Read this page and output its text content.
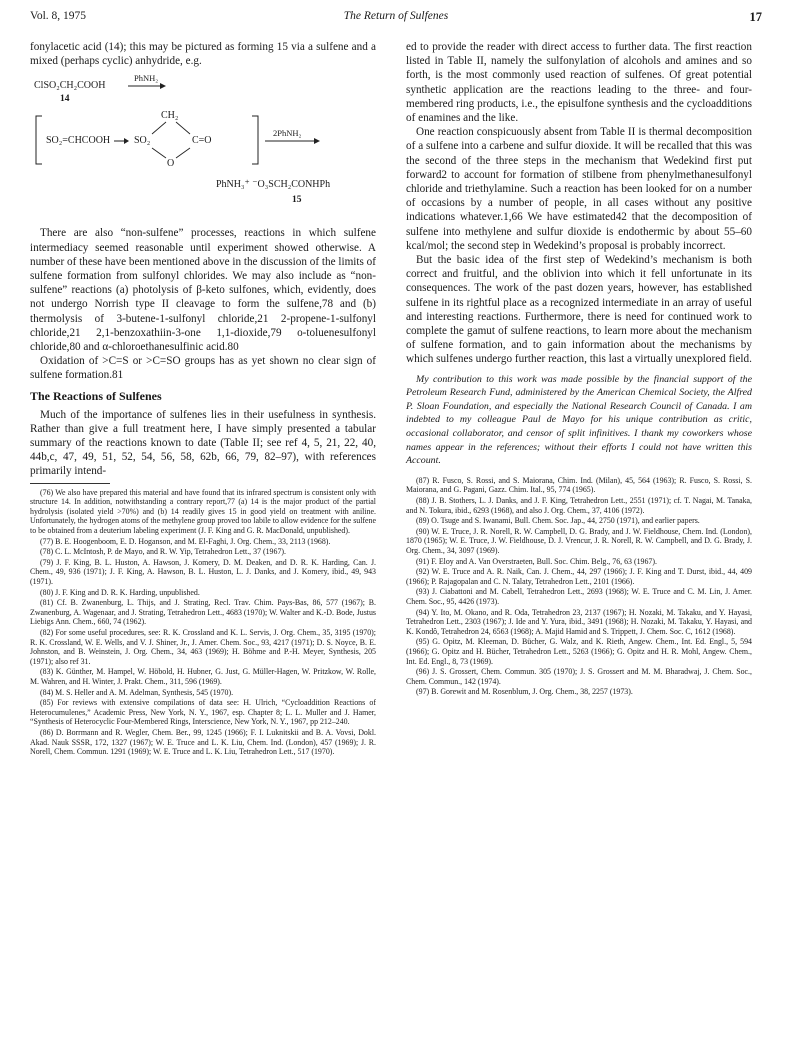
Vol. 8, 1975	The Return of Sulfenes	17

fonylacetic acid (14); this may be pictured as forming 15 via a sulfene and a mixed (perhaps cyclic) anhydride, e.g.

ClSO₂CH₂COOH
PhNH₂
14
SO₂=CHCOOH
CH₂
SO₂	C=O
O
2PhNH₂
PhNH₃⁺ ⁻O₃SCH₂CONHPh
15

There are also “non-sulfene” processes, reactions in which sulfene intermediacy seemed reasonable until experiment showed otherwise. A number of these have been mentioned above in the discussion of the limits of sulfene formation from sulfonyl chlorides. We may also include as “non-sulfene” reactions (a) photolysis of β-keto sulfones, which, evidently, does not undergo Norrish type II cleavage to form the sulfene,78 and (b) thermolysis of 3-butene-1-sulfonyl chloride,21 2-propene-1-sulfonyl chloride,21 2,1-benzoxathiin-3-one 1,1-dioxide,79 o-toluenesulfonyl chloride,80 and α-chloroethanesulfinic acid.80

Oxidation of >C=S or >C=SO groups has as yet shown no clear sign of sulfene formation.81

The Reactions of Sulfenes

Much of the importance of sulfenes lies in their usefulness in synthesis. Rather than give a full treatment here, I have simply presented a tabular summary of the reactions known to date (Table II; see ref 4, 5, 21, 22, 40, 44b,c, 47, 49, 51, 52, 54, 56, 58, 62b, 66, 79, 82–97), with references primarily intend-

(76) We also have prepared this material and have found that its infrared spectrum is consistent only with structure 14. In addition, notwithstanding a contrary report,77 (a) 14 is the major product of the partial hydrolysis (isolated yield >70%) and (b) 14 readily gives 15 in good yield on treatment with aniline. Unfortunately, the hydrogen atoms of the methylene group proved too labile to allow evidence for the sulfene to be obtained from a deuterium labeling experiment (J. F. King and G. R. MacDonald, unpublished).

(77) B. E. Hoogenboom, E. D. Hoganson, and M. El-Faghi, J. Org. Chem., 33, 2113 (1968).

(78) C. L. McIntosh, P. de Mayo, and R. W. Yip, Tetrahedron Lett., 37 (1967).

(79) J. F. King, B. L. Huston, A. Hawson, J. Komery, D. M. Deaken, and D. R. K. Harding, Can. J. Chem., 49, 936 (1971); J. F. King, A. Hawson, B. L. Huston, L. J. Danks, and J. Komery, ibid., 49, 943 (1971).

(80) J. F. King and D. R. K. Harding, unpublished.

(81) Cf. B. Zwanenburg, L. Thijs, and J. Strating, Recl. Trav. Chim. Pays-Bas, 86, 577 (1967); B. Zwanenburg, A. Wagenaar, and J. Strating, Tetrahedron Lett., 4683 (1970); W. Walter and K.-D. Bode, Justus Liebigs Ann. Chem., 660, 74 (1962).

(82) For some useful procedures, see: R. K. Crossland and K. L. Servis, J. Org. Chem., 35, 3195 (1970); R. K. Crossland, W. E. Wells, and V. J. Shiner, Jr., J. Amer. Chem. Soc., 93, 4217 (1971); D. S. Noyce, B. E. Johnston, and B. Weinstein, J. Org. Chem., 34, 463 (1969); H. Böhme and P.-H. Meyer, Synthesis, 205 (1971); also ref 31.

(83) K. Günther, M. Hampel, W. Höbold, H. Hubner, G. Just, G. Müller-Hagen, W. Pritzkow, W. Rolle, M. Wahren, and H. Winter, J. Prakt. Chem., 311, 596 (1969).

(84) M. S. Heller and A. M. Adelman, Synthesis, 545 (1970).

(85) For reviews with extensive compilations of data see: H. Ulrich, “Cycloaddition Reactions of Heterocumulenes,” Academic Press, New York, N. Y., 1967, esp. Chapter 8; L. L. Muller and J. Hamer, “Synthesis of Heterocyclic Four-Membered Rings, Interscience, New York, N. Y., 1967, pp 212–240.

(86) D. Borrmann and R. Wegler, Chem. Ber., 99, 1245 (1966); F. I. Luknitskii and B. A. Vovsi, Dokl. Akad. Nauk SSSR, 172, 1327 (1967); W. E. Truce and L. K. Liu, Chem. Ind. (London), 457 (1969); J. R. Norell, Chem. Commun. 1291 (1969); W. E. Truce and L. K. Liu, Tetrahedron Lett., 517 (1970).

ed to provide the reader with direct access to further data. The first reaction listed in Table II, namely the sulfonylation of alcohols and amines and so forth, is the most commonly used reaction of sulfenes. Of great potential synthetic application are the reactions leading to the three- and four-membered ring products, i.e., the episulfone synthesis and the cycloadditions of enamines and the like.

One reaction conspicuously absent from Table II is thermal decomposition of a sulfene into a carbene and sulfur dioxide. It will be recalled that this was the second of the three steps in the mechanism that Wedekind first put forward2 to account for formation of stilbene from phenylmethanesulfonyl chloride and triethylamine. Such a reaction has been looked for on a number of occasions by a number of people, in all cases without any positive indications whatever.1,66 We have estimated42 that the decomposition of sulfene into methylene and sulfur dioxide is endothermic by about 55–60 kcal/mol; the second step in Wedekind’s proposal is probably incorrect.

But the basic idea of the first step of Wedekind’s mechanism is both correct and fruitful, and the oblivion into which it fell unfortunate in its consequences. The work of the past dozen years, however, has established sulfene in its rightful place as a recognized intermediate in an array of useful and interesting reactions. Furthermore, there is need for continued work to complete the gamut of sulfene reactions, to learn more about the mechanism of sulfene formation, and to gain information about the mechanisms by which sulfenes undergo further reaction, this last a virtually unexplored field.

My contribution to this work was made possible by the financial support of the Petroleum Research Fund, administered by the American Chemical Society, the Alfred P. Sloan Foundation, and especially the National Research Council of Canada. I am indebted to my colleague Paul de Mayo for his unique contribution as critic, occasional collaborator, and censor of split infinitives. I thank my coworkers whose names appear in the references; without their efforts I could not have written this Account.

(87) R. Fusco, S. Rossi, and S. Maiorana, Chim. Ind. (Milan), 45, 564 (1963); R. Fusco, S. Rossi, S. Maiorana, and G. Pagani, Gazz. Chim. Ital., 95, 774 (1965).

(88) J. B. Stothers, L. J. Danks, and J. F. King, Tetrahedron Lett., 2551 (1971); cf. T. Nagai, M. Tanaka, and N. Tokura, ibid., 6293 (1968), and also J. Org. Chem., 37, 4106 (1972).

(89) O. Tsuge and S. Iwanami, Bull. Chem. Soc. Jap., 44, 2750 (1971), and earlier papers.

(90) W. E. Truce, J. R. Norell, R. W. Campbell, D. G. Brady, and J. W. Fieldhouse, Chem. Ind. (London), 1870 (1965); W. E. Truce, J. W. Fieldhouse, D. J. Vrencur, J. R. Norell, R. W. Campbell, and D. G. Brady, J. Org. Chem., 34, 3097 (1969).

(91) F. Eloy and A. Van Overstraeten, Bull. Soc. Chim. Belg., 76, 63 (1967).

(92) W. E. Truce and A. R. Naik, Can. J. Chem., 44, 297 (1966); J. F. King and T. Durst, ibid., 44, 409 (1966); P. Rajagopalan and C. N. Talaty, Tetrahedron Lett., 2101 (1966).

(93) J. Ciabattoni and M. Cabell, Tetrahedron Lett., 2693 (1968); W. E. Truce and C. M. Lin, J. Amer. Chem. Soc., 95, 4426 (1973).

(94) Y. Ito, M. Okano, and R. Oda, Tetrahedron 23, 2137 (1967); H. Nozaki, M. Takaku, and Y. Hayasi, Tetrahedron Lett., 2303 (1967); J. Ide and Y. Yura, ibid., 3491 (1968); H. Nozaki, M. Takaku, Y. Hayasi, and K. Kondô, Tetrahedron 24, 6563 (1968); A. Majid Hamid and S. Trippett, J. Chem. Soc. C, 1612 (1968).

(95) G. Opitz, M. Kleeman, D. Bücher, G. Walz, and K. Rieth, Angew. Chem., Int. Ed. Engl., 5, 594 (1966); G. Opitz and H. Bücher, Tetrahedron Lett., 5263 (1966); G. Opitz and H. R. Mohl, Angew. Chem., Int. Ed. Engl., 8, 73 (1969).

(96) J. S. Grossert, Chem. Commun. 305 (1970); J. S. Grossert and M. M. Bharadwaj, J. Chem. Soc., Chem. Commun., 142 (1974).

(97) B. Gorewit and M. Rosenblum, J. Org. Chem., 38, 2257 (1973).
